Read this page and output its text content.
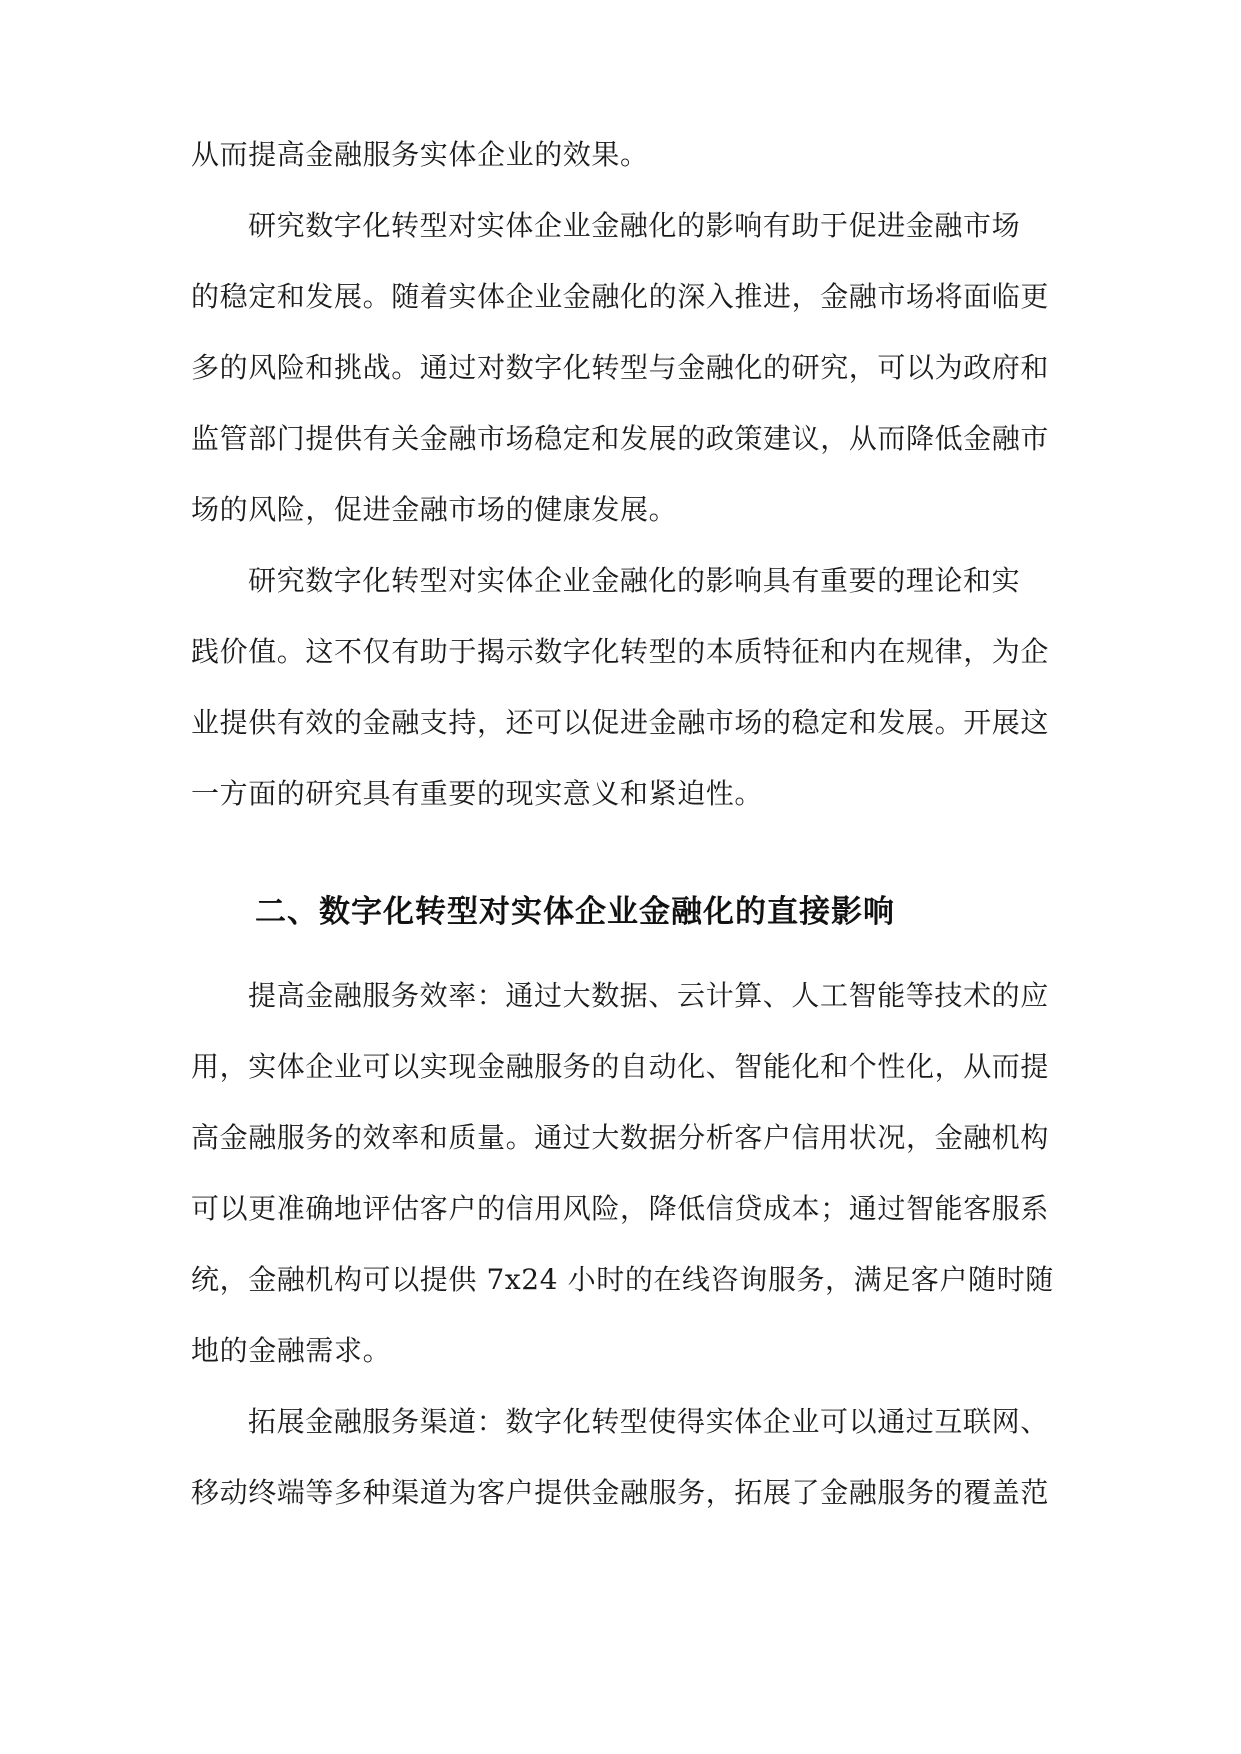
从而提高金融服务实体企业的效果。

研究数字化转型对实体企业金融化的影响有助于促进金融市场

的稳定和发展。随着实体企业金融化的深入推进，金融市场将面临更

多的风险和挑战。通过对数字化转型与金融化的研究，可以为政府和

监管部门提供有关金融市场稳定和发展的政策建议，从而降低金融市

场的风险，促进金融市场的健康发展。

研究数字化转型对实体企业金融化的影响具有重要的理论和实

践价值。这不仅有助于揭示数字化转型的本质特征和内在规律，为企

业提供有效的金融支持，还可以促进金融市场的稳定和发展。开展这

一方面的研究具有重要的现实意义和紧迫性。

二、数字化转型对实体企业金融化的直接影响

提高金融服务效率：通过大数据、云计算、人工智能等技术的应

用，实体企业可以实现金融服务的自动化、智能化和个性化，从而提

高金融服务的效率和质量。通过大数据分析客户信用状况，金融机构

可以更准确地评估客户的信用风险，降低信贷成本；通过智能客服系

统，金融机构可以提供 7x24 小时的在线咨询服务，满足客户随时随

地的金融需求。

拓展金融服务渠道：数字化转型使得实体企业可以通过互联网、

移动终端等多种渠道为客户提供金融服务，拓展了金融服务的覆盖范
